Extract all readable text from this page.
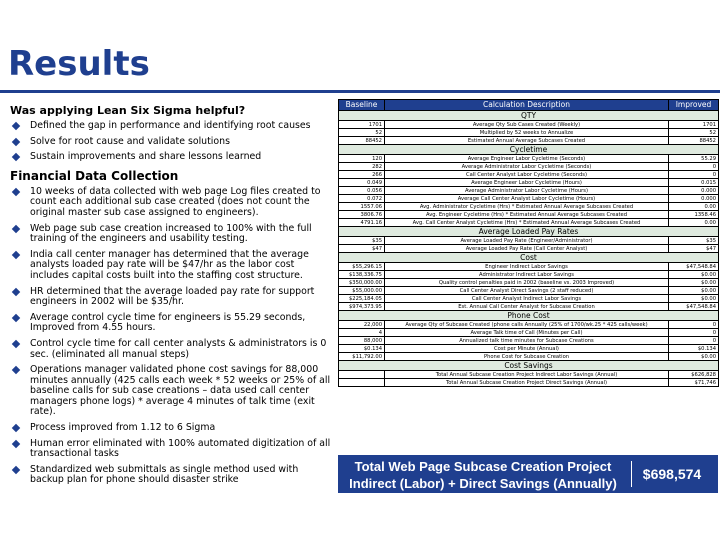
Results
Was applying Lean Six Sigma helpful?
Defined the gap in performance and identifying root causes
Solve for root cause and validate solutions
Sustain improvements and share lessons learned
Financial Data Collection
10 weeks of data collected with web page Log files created to count each additional sub case created (does not count the original master sub case assigned to engineers).
Web page sub case creation increased to 100% with the full training of the engineers and usability testing.
India call center manager has determined that the average analysts loaded pay rate will be $47/hr as the labor cost includes capital costs built into the staffing cost structure.
HR determined that the average loaded pay rate for support engineers in 2002 will be $35/hr.
Average control cycle time for engineers is 55.29 seconds, Improved from 4.55 hours.
Control cycle time for call center analysts & administrators is 0 sec. (eliminated all manual steps)
Operations manager validated phone cost savings for 88,000 minutes annually (425 calls each week * 52 weeks or 25% of all baseline calls for sub case creations – data used call center managers phone logs) * average 4 minutes of talk time (exit rate).
Process improved from 1.12 to 6 Sigma
Human error eliminated with 100% automated digitization of all transactional tasks
Standardized web submittals as single method used with backup plan for phone should disaster strike
Baseline	Calculation Description	Improved
QTY		
1701	Average Qty Sub Cases Created (Weekly)	1701
52	Multiplied by 52 weeks to Annualize	52
88452	Estimated Annual Average Subcases Created	88452
Cycletime		
120	Average Engineer Labor Cycletime (Seconds)	55.29
282	Average Administrator Labor Cycletime (Seconds)	0
266	Call Center Analyst Labor Cycletime (Seconds)	0
0.049	Average Engineer Labor Cycletime (Hours)	0.015
0.056	Average Administrator Labor Cycletime (Hours)	0.000
0.072	Average Call Center Analyst Labor Cycletime (Hours)	0.000
1557.06	Avg. Administrator Cycletime (Hrs) * Estimated Annual Average Subcases Created	0.00
3806.76	Avg. Engineer Cycletime (Hrs) * Estimated Annual Average Subcases Created	1358.46
4791.16	Avg. Call Center Analyst Cycletime (Hrs) * Estimated Annual Average Subcases Created	0.00
Average Loaded Pay Rates		
$35	Average Loaded Pay Rate (Engineer/Administrator)	$35
$47	Average Loaded Pay Rate (Call Center Analyst)	$47
Cost		
$55,296.15	Engineer Indirect Labor Savings	$47,548.84
$138,336.75	Administrator Indirect Labor Savings	$0.00
$350,000.00	Quality control penalties paid in 2002 (baseline vs. 2003 Improved)	$0.00
$55,000.00	Call Center Analyst Direct Savings (2 staff reduced)	$0.00
$225,184.05	Call Center Analyst Indirect Labor Savings	$0.00
$974,373.95	Est. Annual Call Center Analyst for Subcase Creation	$47,548.84
Phone Cost		
22,000	Average Qty of Subcase Created (phone calls Annually (25% of 1700/wk.25 * 425 calls/week)	0
4	Average Talk time of Call (Minutes per Call)	0
88,000	Annualized talk time minutes for Subcase Creations	0
$0.134	Cost per Minute (Annual)	$0.134
$11,792.00	Phone Cost for Subcase Creation	$0.00
Cost Savings		
	Total Annual Subcase Creation Project Indirect Labor Savings (Annual)	$626,828
	Total Annual Subcase Creation Project Direct Savings (Annual)	$71,746
Total Web Page Subcase Creation Project
Indirect (Labor) + Direct Savings (Annually)
$698,574
